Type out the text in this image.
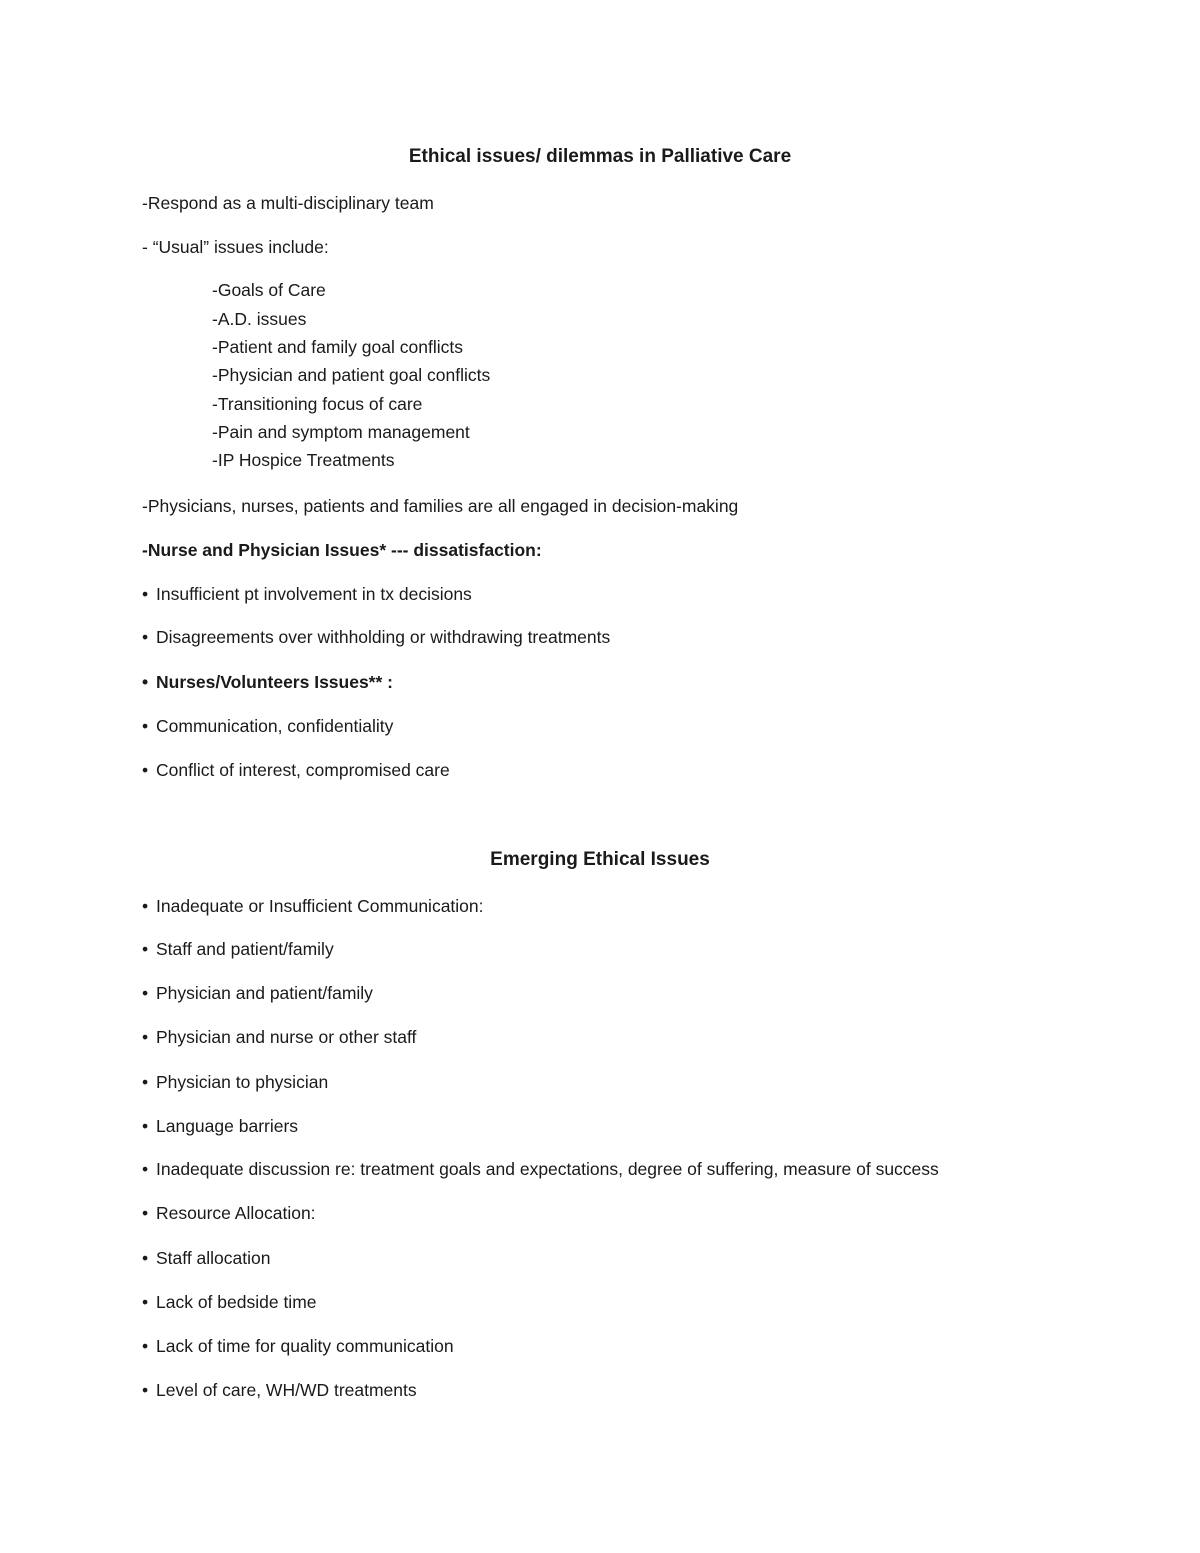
Ethical issues/ dilemmas in Palliative Care
-Respond as a multi-disciplinary team
- “Usual” issues include:
-Goals of Care
-A.D. issues
-Patient and family goal conflicts
-Physician and patient goal conflicts
-Transitioning focus of care
-Pain and symptom management
-IP Hospice Treatments
-Physicians, nurses, patients and families are all engaged in decision-making
-Nurse and Physician Issues* --- dissatisfaction:
• Insufficient pt involvement in tx decisions
• Disagreements over withholding or withdrawing treatments
• Nurses/Volunteers Issues** :
• Communication, confidentiality
• Conflict of interest, compromised care
Emerging Ethical Issues
• Inadequate or Insufficient Communication:
• Staff and patient/family
• Physician and patient/family
• Physician and nurse or other staff
• Physician to physician
• Language barriers
• Inadequate discussion re: treatment goals and expectations, degree of suffering, measure of success
• Resource Allocation:
• Staff allocation
• Lack of bedside time
• Lack of time for quality communication
• Level of care, WH/WD treatments
